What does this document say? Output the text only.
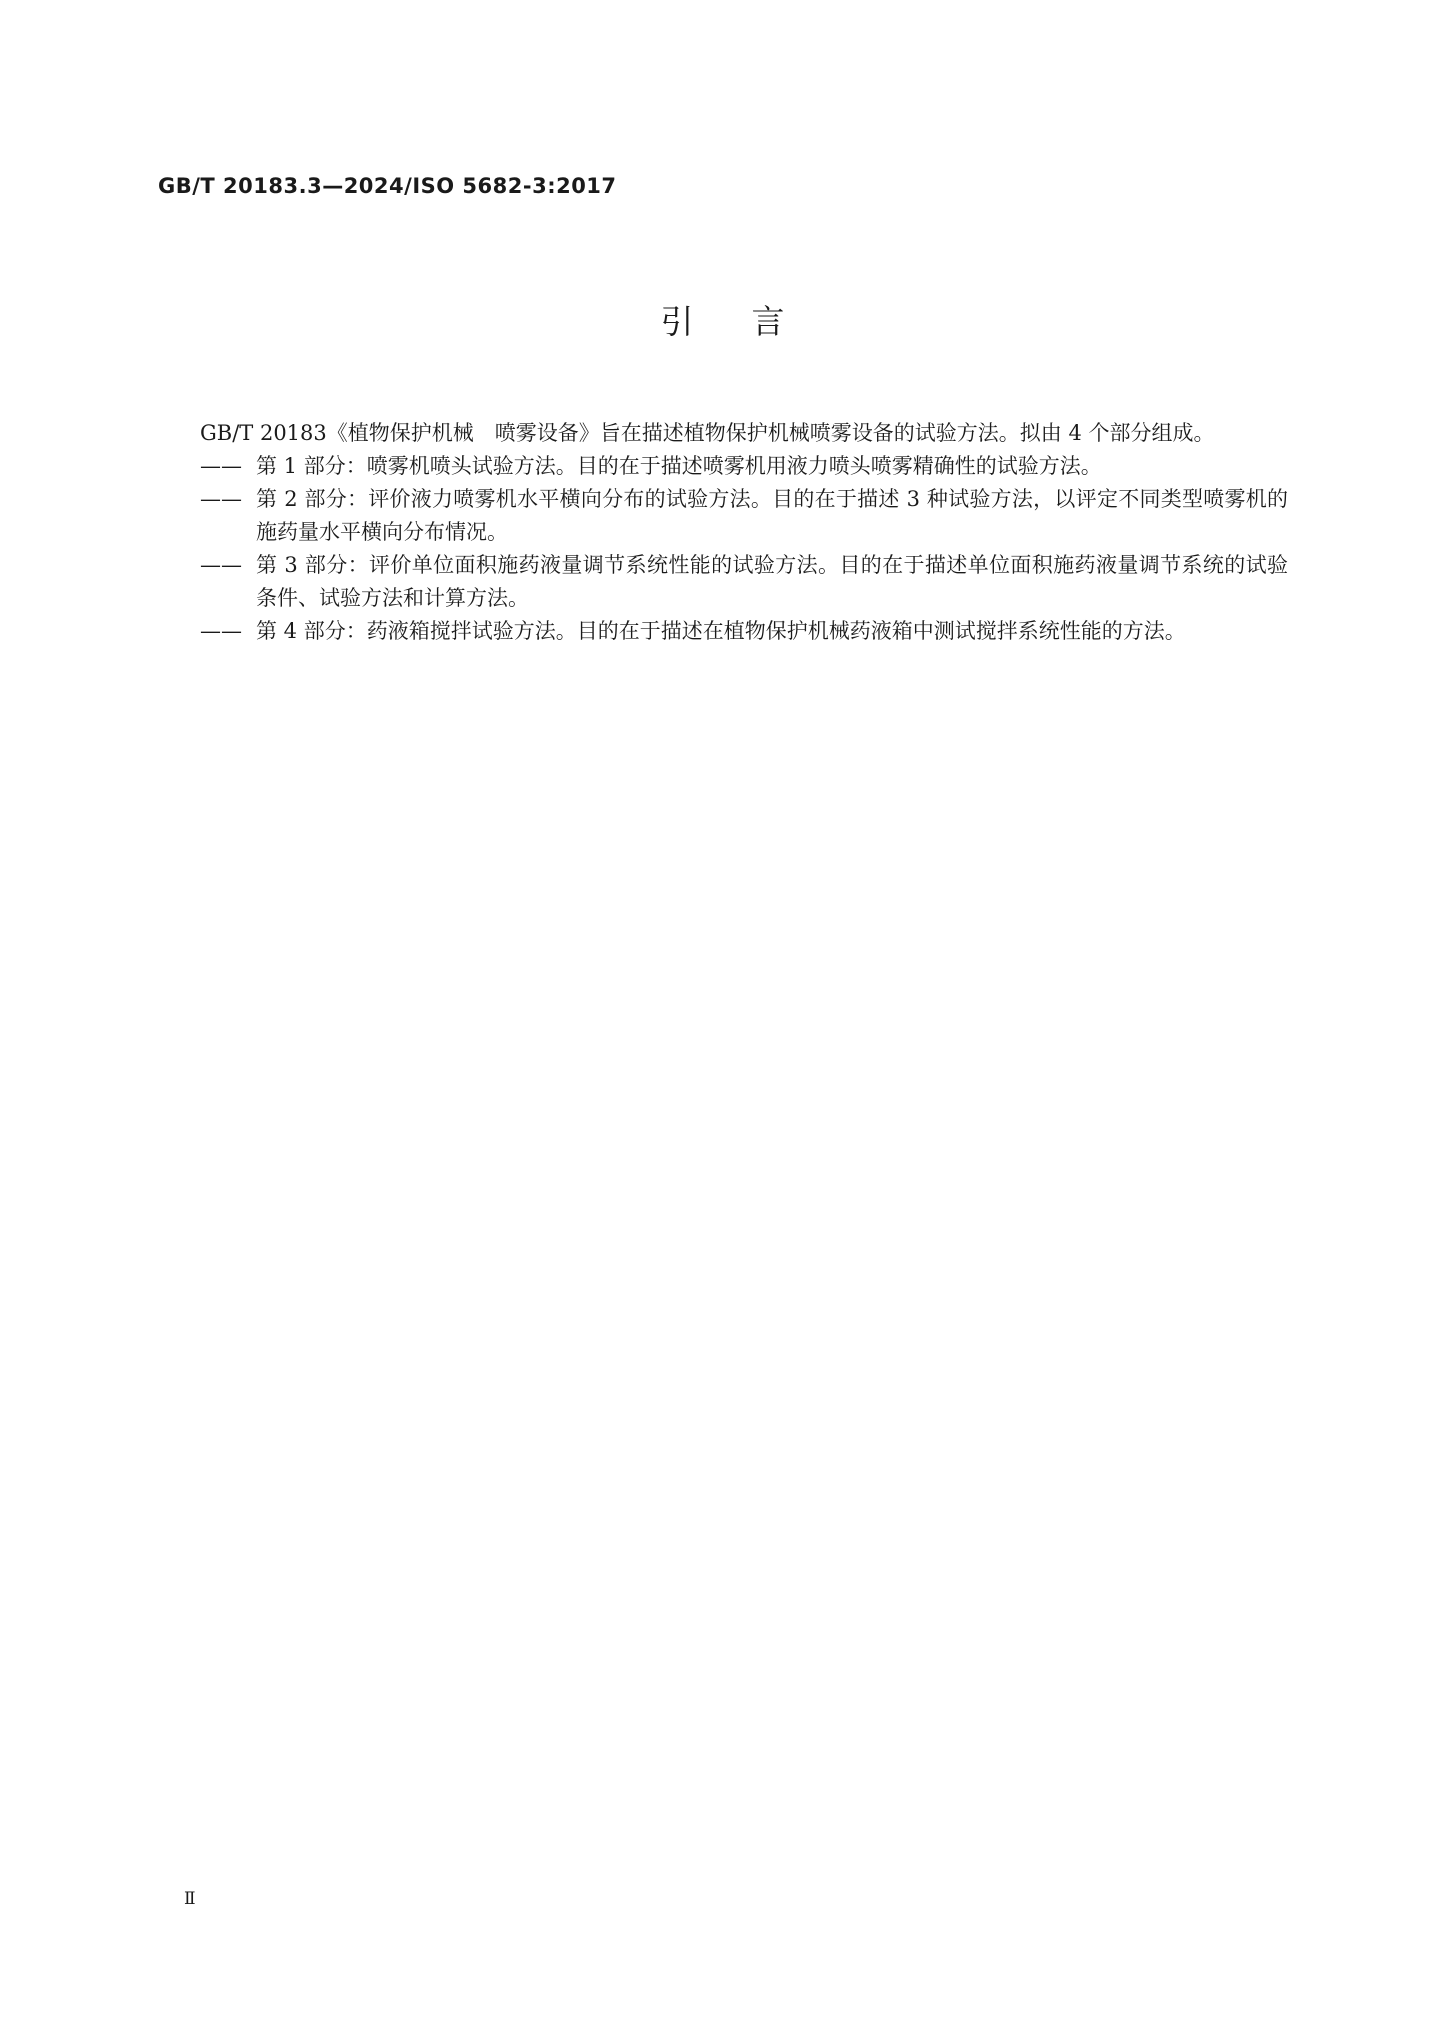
GB/T 20183.3—2024/ISO 5682-3:2017
引言

GB/T 20183《植物保护机械　喷雾设备》旨在描述植物保护机械喷雾设备的试验方法。拟由 4 个部分组成。

—— 第 1 部分：喷雾机喷头试验方法。目的在于描述喷雾机用液力喷头喷雾精确性的试验方法。
—— 第 2 部分：评价液力喷雾机水平横向分布的试验方法。目的在于描述 3 种试验方法，以评定不同类型喷雾机的施药量水平横向分布情况。
—— 第 3 部分：评价单位面积施药液量调节系统性能的试验方法。目的在于描述单位面积施药液量调节系统的试验条件、试验方法和计算方法。
—— 第 4 部分：药液箱搅拌试验方法。目的在于描述在植物保护机械药液箱中测试搅拌系统性能的方法。
Ⅱ
